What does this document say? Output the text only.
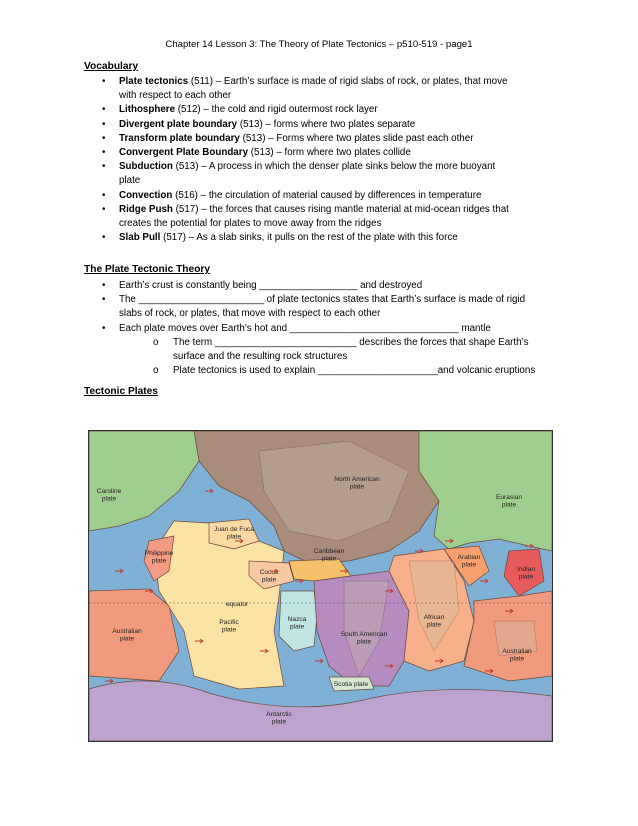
Chapter 14 Lesson 3: The Theory of Plate Tectonics – p510-519 - page1
Vocabulary
• Plate tectonics (511) – Earth’s surface is made of rigid slabs of rock, or plates, that move
with respect to each other
• Lithosphere (512) – the cold and rigid outermost rock layer
• Divergent plate boundary (513) – forms where two plates separate
• Transform plate boundary (513) – Forms where two plates slide past each other
• Convergent Plate Boundary (513) – form where two plates collide
• Subduction (513) – A process in which the denser plate sinks below the more buoyant
plate
• Convection (516) – the circulation of material caused by differences in temperature
• Ridge Push (517) – the forces that causes rising mantle material at mid-ocean ridges that
creates the potential for plates to move away from the ridges
• Slab Pull (517) – As a slab sinks, it pulls on the rest of the plate with this force
The Plate Tectonic Theory
• Earth’s crust is constantly being __________________ and destroyed
• The _______________________ of plate tectonics states that Earth’s surface is made of rigid
slabs of rock, or plates, that move with respect to each other
• Each plate moves over Earth’s hot and _______________________________ mantle
o The term __________________________ describes the forces that shape Earth’s
surface and the resulting rock structures
o Plate tectonics is used to explain ______________________and volcanic eruptions
Tectonic Plates
North American plate
Eurasian plate
Pacific plate
Juan de Fuca plate
Philippine plate
Cocos plate
Caribbean plate
Nazca plate
South American plate
African plate
Arabian plate
Indian plate
Australian plate
Australian plate
Antarctic plate
Scotia plate
Caroline plate
equator
